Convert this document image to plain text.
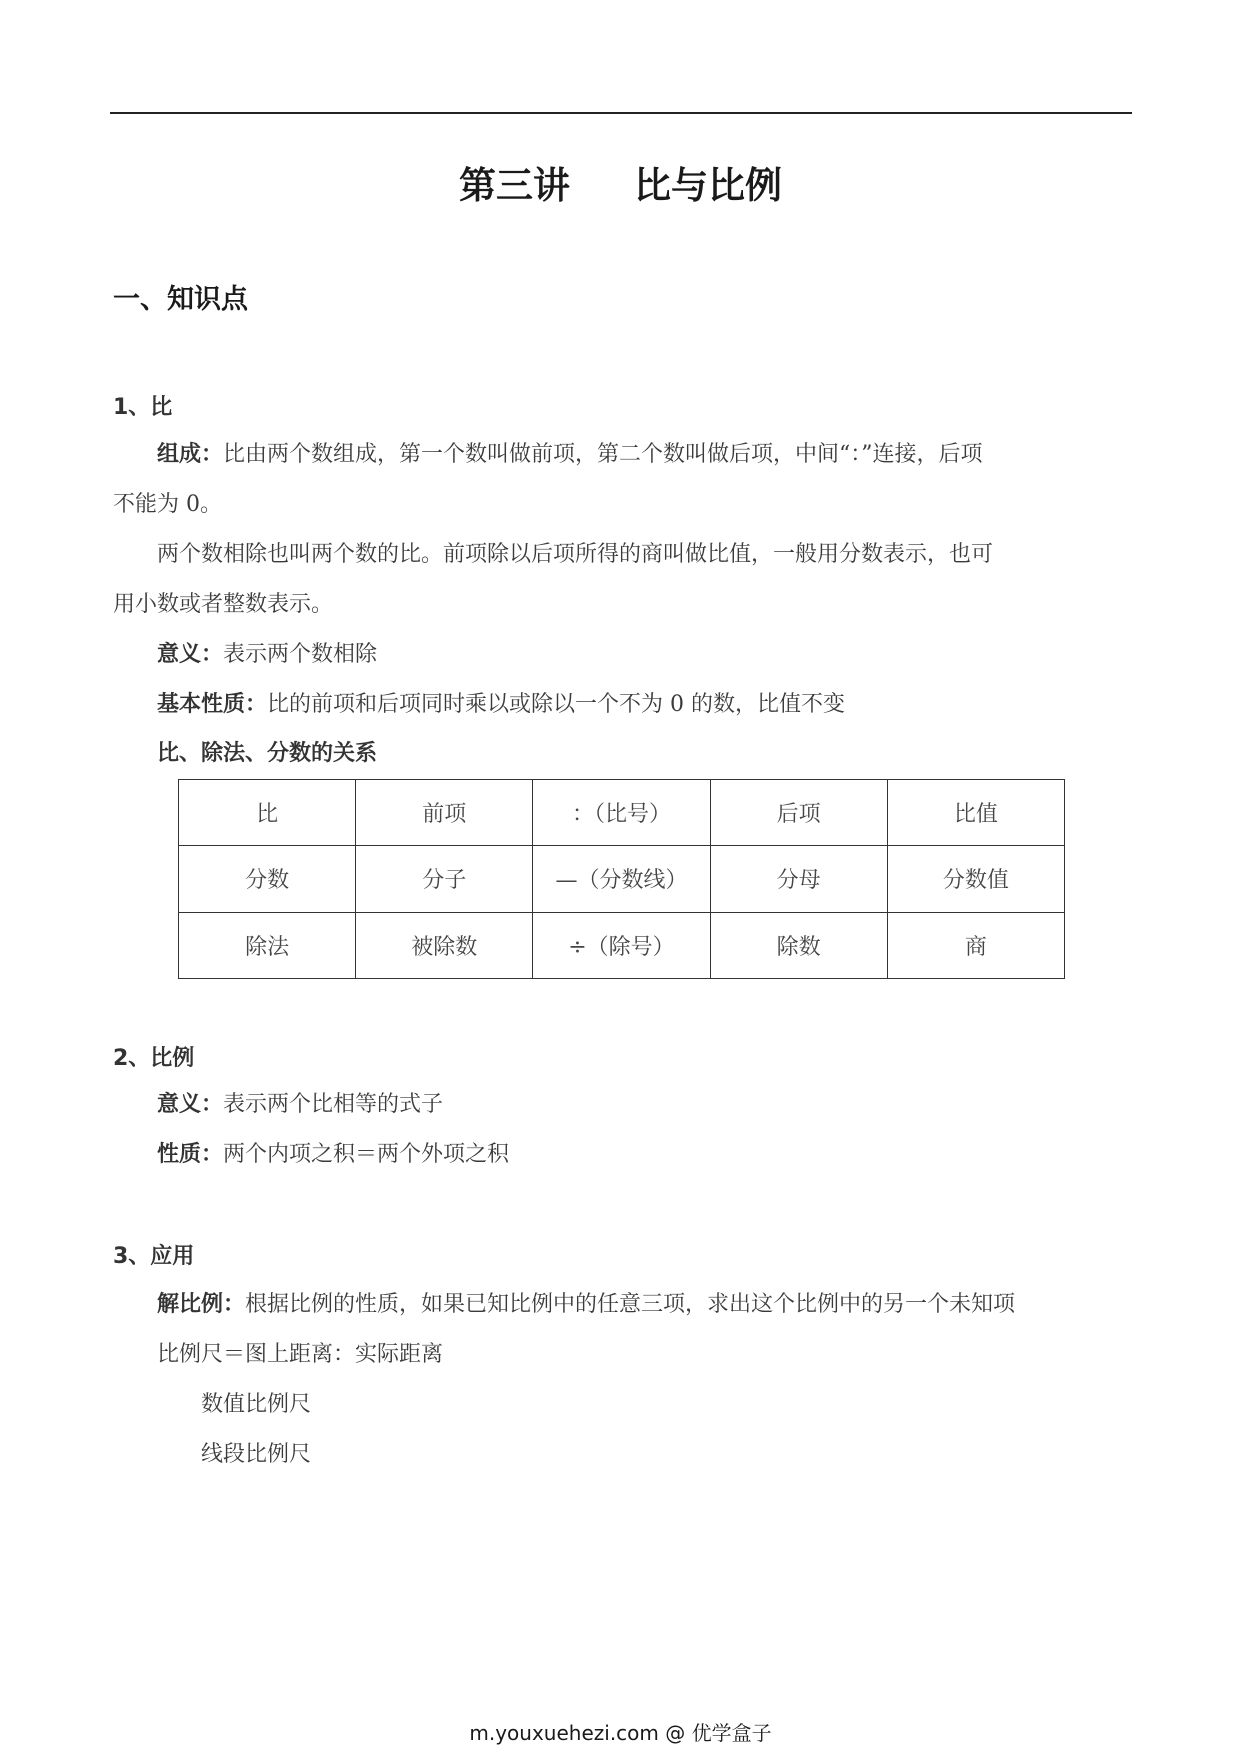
第三讲 比与比例
一、知识点
1、比
组成：比由两个数组成，第一个数叫做前项，第二个数叫做后项，中间“：”连接，后项
不能为 0。
两个数相除也叫两个数的比。前项除以后项所得的商叫做比值，一般用分数表示，也可
用小数或者整数表示。
意义：表示两个数相除
基本性质：比的前项和后项同时乘以或除以一个不为 0 的数，比值不变
比、除法、分数的关系
比	前项	：（比号）	后项	比值
分数	分子	—（分数线）	分母	分数值
除法	被除数	÷（除号）	除数	商
2、比例
意义：表示两个比相等的式子
性质：两个内项之积＝两个外项之积
3、应用
解比例：根据比例的性质，如果已知比例中的任意三项，求出这个比例中的另一个未知项
比例尺＝图上距离：实际距离
数值比例尺
线段比例尺
m.youxuehezi.com @ 优学盒子
